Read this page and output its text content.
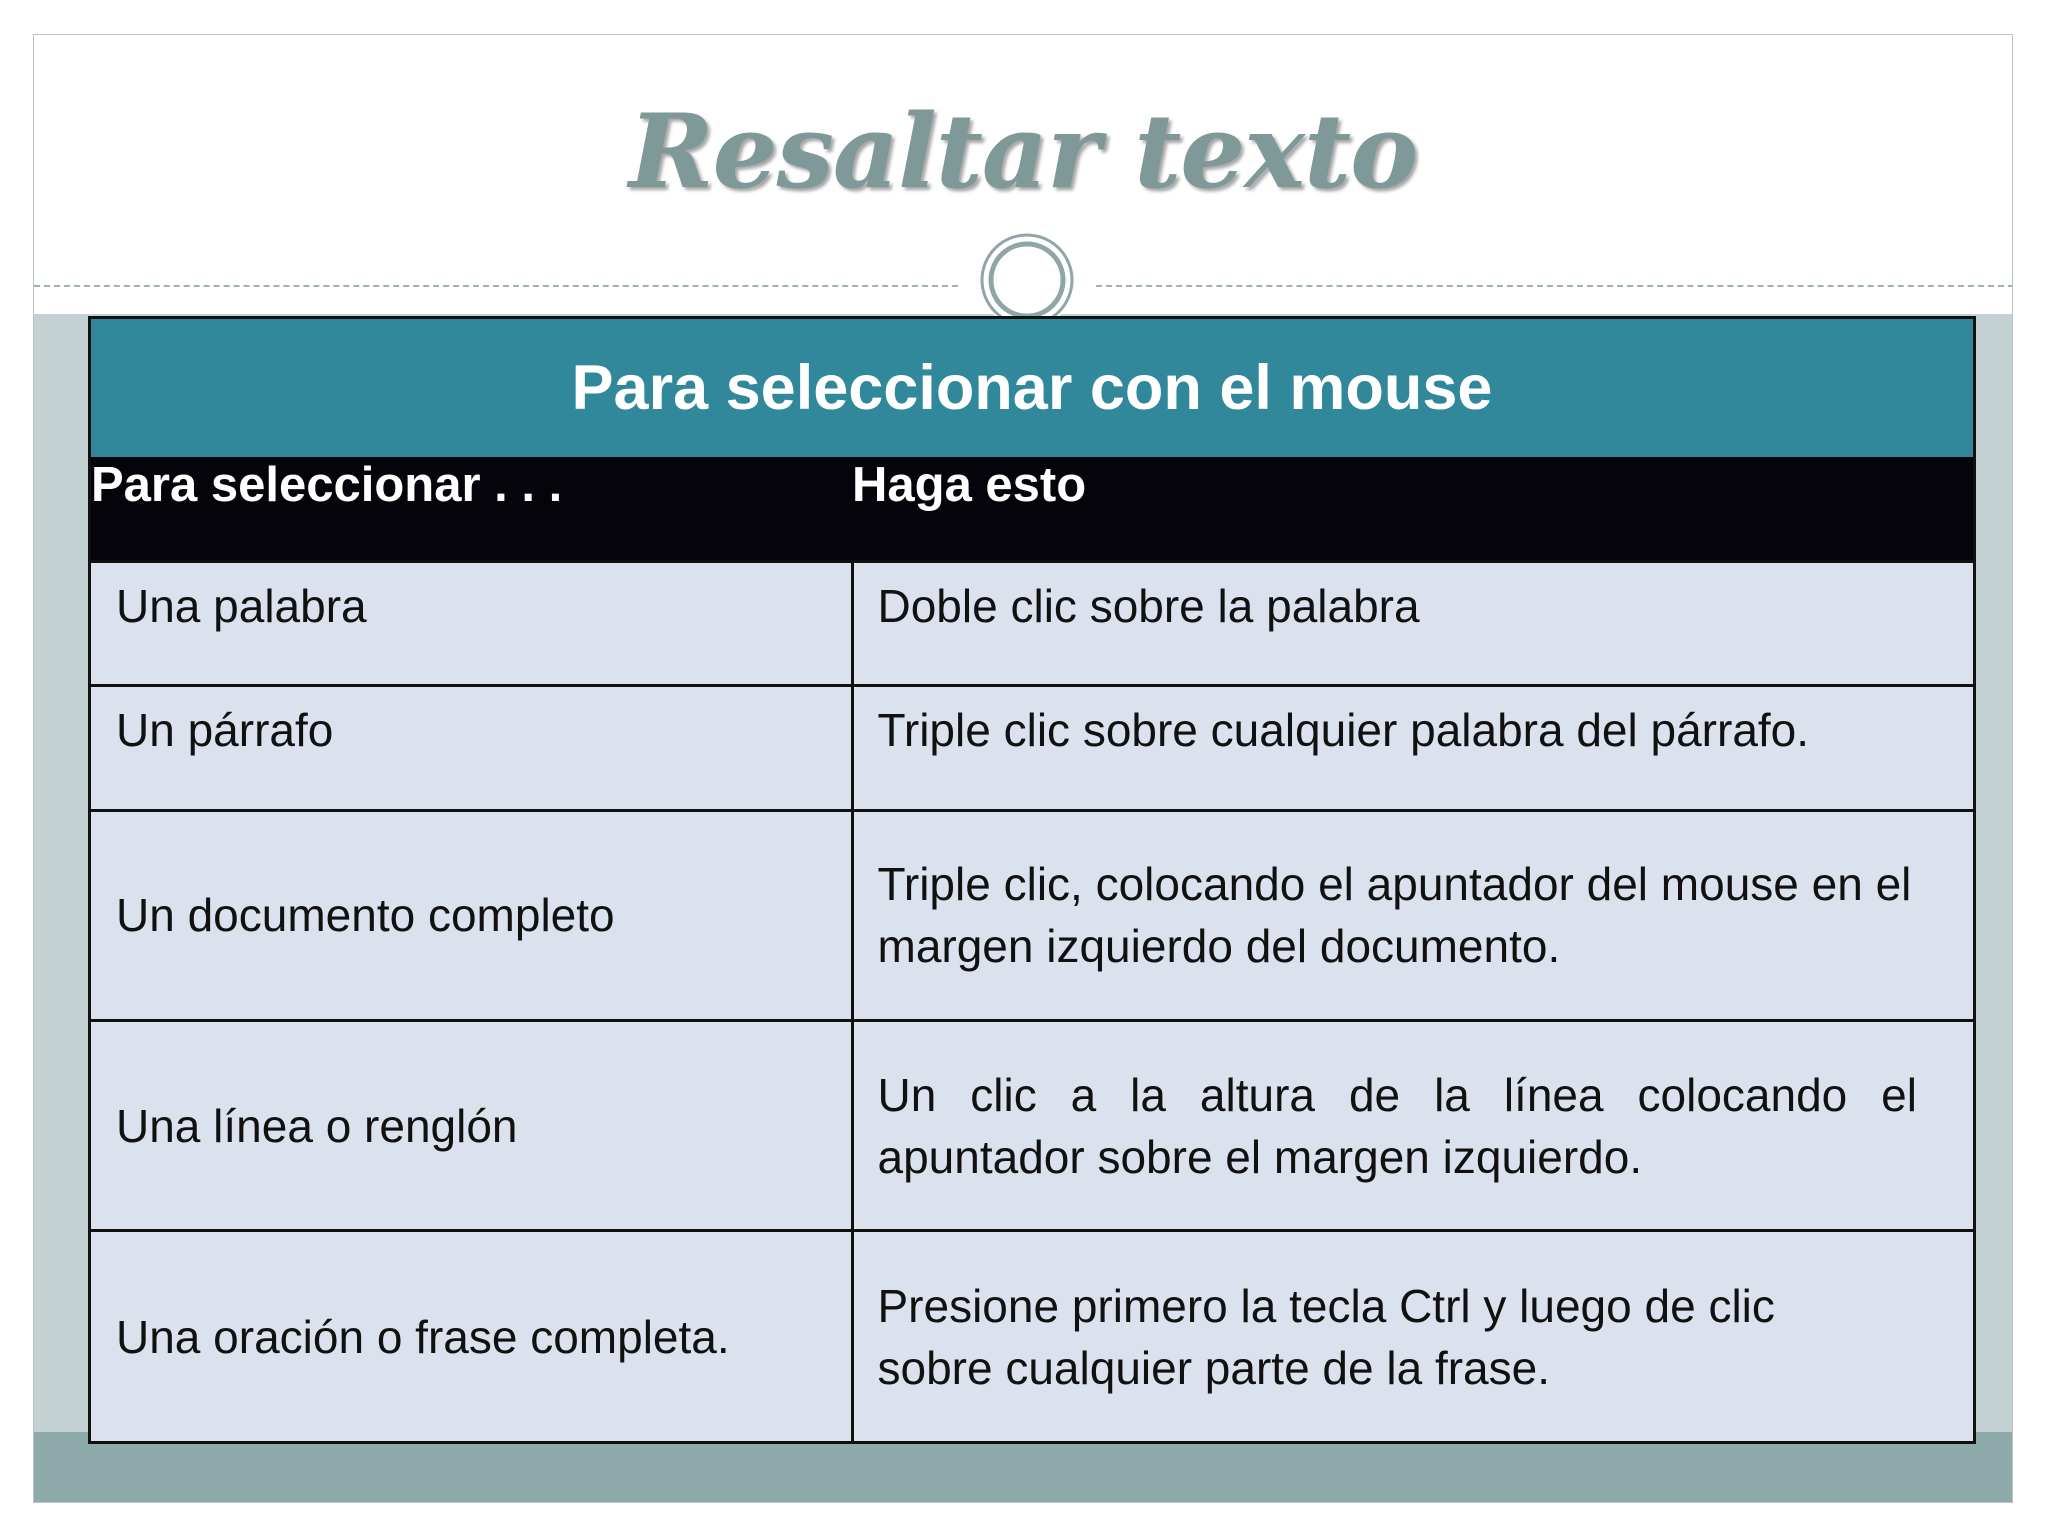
Resaltar texto
Para seleccionar con el mouse	
Para seleccionar . . .	Haga esto
Una palabra	Doble clic sobre la palabra
Un párrafo	Triple clic sobre cualquier palabra del párrafo.
Un documento completo	Triple clic, colocando el apuntador del mouse en el margen izquierdo del documento.
Una línea o renglón	Un clic a la altura de la línea colocando el apuntador sobre el margen izquierdo.
Una oración o frase completa.	Presione primero la tecla Ctrl y luego de clic sobre cualquier parte de la frase.
